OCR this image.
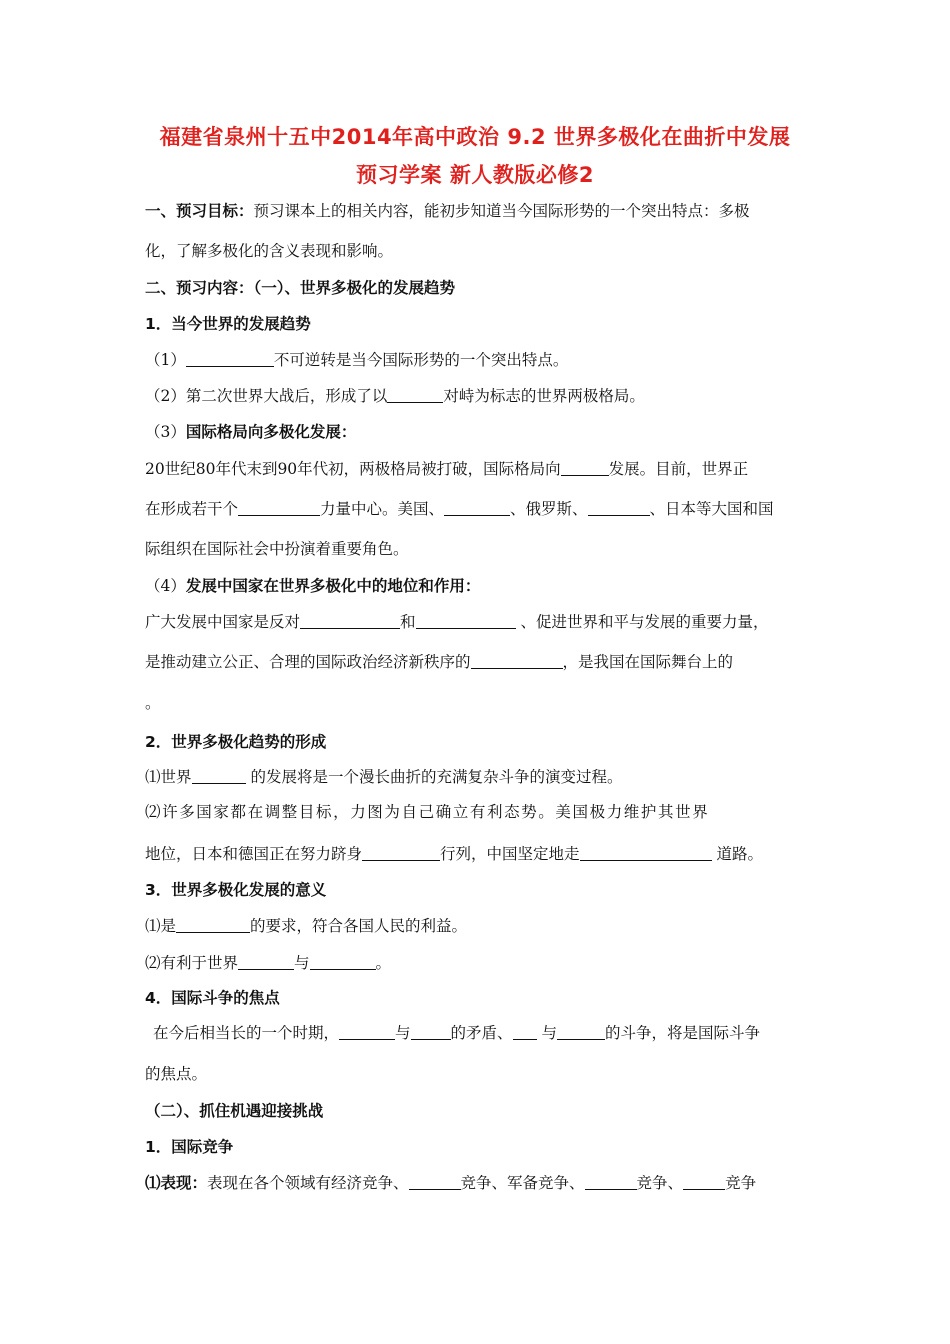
福建省泉州十五中2014年高中政治 9.2 世界多极化在曲折中发展
预习学案 新人教版必修2
一、预习目标：预习课本上的相关内容，能初步知道当今国际形势的一个突出特点：多极
化，了解多极化的含义表现和影响。
二、预习内容：（一）、世界多极化的发展趋势
1．当今世界的发展趋势
（1）	不可逆转是当今国际形势的一个突出特点。
（2）第二次世界大战后，形成了以	对峙为标志的世界两极格局。
（3）国际格局向多极化发展：
20世纪80年代末到90年代初，两极格局被打破，国际格局向	发展。目前，世界正
在形成若干个	力量中心。美国、	、俄罗斯、	、日本等大国和国
际组织在国际社会中扮演着重要角色。
（4）发展中国家在世界多极化中的地位和作用：
广大发展中国家是反对	和	、促进世界和平与发展的重要力量，
是推动建立公正、合理的国际政治经济新秩序的	，是我国在国际舞台上的
。
2．世界多极化趋势的形成
⑴世界	的发展将是一个漫长曲折的充满复杂斗争的演变过程。
⑵许多国家都在调整目标，力图为自己确立有利态势。美国极力维护其世界
地位，日本和德国正在努力跻身	行列，中国坚定地走	道路。
3．世界多极化发展的意义
⑴是	的要求，符合各国人民的利益。
⑵有利于世界	与	。
4．国际斗争的焦点
在今后相当长的一个时期，	与	的矛盾、 与	的斗争，将是国际斗争
的焦点。
（二）、抓住机遇迎接挑战
1．国际竞争
⑴表现：表现在各个领域有经济竞争、	竞争、军备竞争、	竞争、	竞争
